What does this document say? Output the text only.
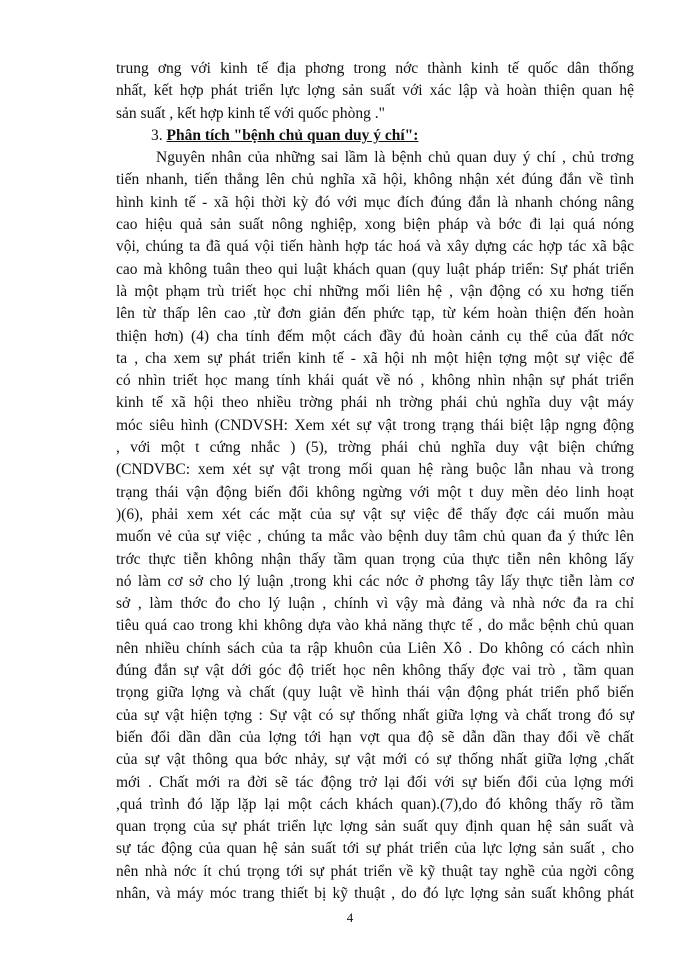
trung ơng với kinh tế địa phơng trong nớc thành kinh tế quốc dân thống
nhất, kết hợp phát triển lực lợng sản suất với xác lập và hoàn thiện quan hệ
sản suất , kết hợp kinh tế với quốc phòng ."
3. Phân tích "bệnh chủ quan duy ý chí":
Nguyên nhân của những sai lầm là bệnh chủ quan duy ý chí , chủ trơng
tiến nhanh, tiến thẳng lên chủ nghĩa xã hội, không nhận xét đúng đắn về tình
hình kinh tế - xã hội thời kỳ đó với mục đích đúng đắn là nhanh chóng nâng
cao hiệu quả sản suất nông nghiệp, xong biện pháp và bớc đi lại quá nóng
vội, chúng ta đã quá vội tiến hành hợp tác hoá và xây dựng các hợp tác xã bậc
cao mà không tuân theo qui luật khách quan (quy luật pháp triển: Sự phát triển
là một phạm trù triết học chỉ những mối liên hệ , vận động có xu hơng tiến
lên từ thấp lên cao ,từ đơn giản đến phức tạp, từ kém hoàn thiện đến hoàn
thiện hơn) (4) cha tính đếm một cách đầy đủ hoàn cảnh cụ thể của đất nớc
ta , cha xem sự phát triển kinh tế - xã hội nh một hiện tợng một sự việc để
có nhìn triết học mang tính khái quát về nó , không nhìn nhận sự phát triển
kinh tế xã hội theo nhiều trờng phái nh trờng phái chủ nghĩa duy vật máy
móc siêu hình (CNDVSH: Xem xét sự vật trong trạng thái biệt lập ngng động
, với một t cứng nhắc ) (5), trờng phái chủ nghĩa duy vật biện chứng
(CNDVBC: xem xét sự vật trong mối quan hệ ràng buộc lẫn nhau và trong
trạng thái vận động biến đổi không ngừng với một t duy mền dẻo linh hoạt
)(6), phải xem xét các mặt của sự vật sự việc để thấy đợc cái muốn màu
muốn vẻ của sự việc , chúng ta mắc vào bệnh duy tâm chủ quan đa ý thức lên
trớc thực tiễn không nhận thấy tầm quan trọng của thực tiễn nên không lấy
nó làm cơ sở cho lý luận ,trong khi các nớc ở phơng tây lấy thực tiễn làm cơ
sở , làm thớc đo cho lý luận , chính vì vậy mà đảng và nhà nớc đa ra chỉ
tiêu quá cao trong khi không dựa vào khả năng thực tế , do mắc bệnh chủ quan
nên nhiều chính sách của ta rập khuôn của Liên Xô . Do không có cách nhìn
đúng đắn sự vật dới góc độ triết học nên không thấy đợc vai trò , tầm quan
trọng giữa lợng và chất (quy luật về hình thái vận động phát triển phổ biến
của sự vật hiện tợng : Sự vật có sự thống nhất giữa lợng và chất trong đó sự
biến đổi dần dần của lợng tới hạn vợt qua độ sẽ dẫn dần thay đổi về chất
của sự vật thông qua bớc nhảy, sự vật mới có sự thống nhất giữa lợng ,chất
mới . Chất mới ra đời sẽ tác động trở lại đối với sự biến đổi của lợng mới
,quá trình đó lặp lặp lại một cách khách quan).(7),do đó không thấy rõ tầm
quan trọng của sự phát triển lực lợng sản suất quy định quan hệ sản suất và
sự tác động của quan hệ sản suất tới sự phát triển của lực lợng sản suất , cho
nên nhà nớc ít chú trọng tới sự phát triển về kỹ thuật tay nghề của ngời công
nhân, và máy móc trang thiết bị kỹ thuật , do đó lực lợng sản suất không phát
4
